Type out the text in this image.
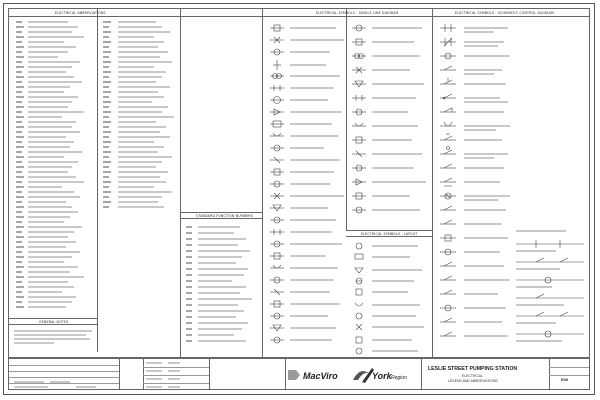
ELECTRICAL ABBREVIATIONS	ELECTRICAL SYMBOLS - SINGLE LINE DIAGRAM	ELECTRICAL SYMBOLS - SCHEMATIC CONTROL DIAGRAM
STANDARD FUNCTION NUMBERS
ELECTRICAL SYMBOLS - LAYOUT
GENERAL NOTES
MacViro	York Region
LESLIE STREET PUMPING STATION
ELECTRICAL
LEGEND AND ABBREVIATIONS	E00
